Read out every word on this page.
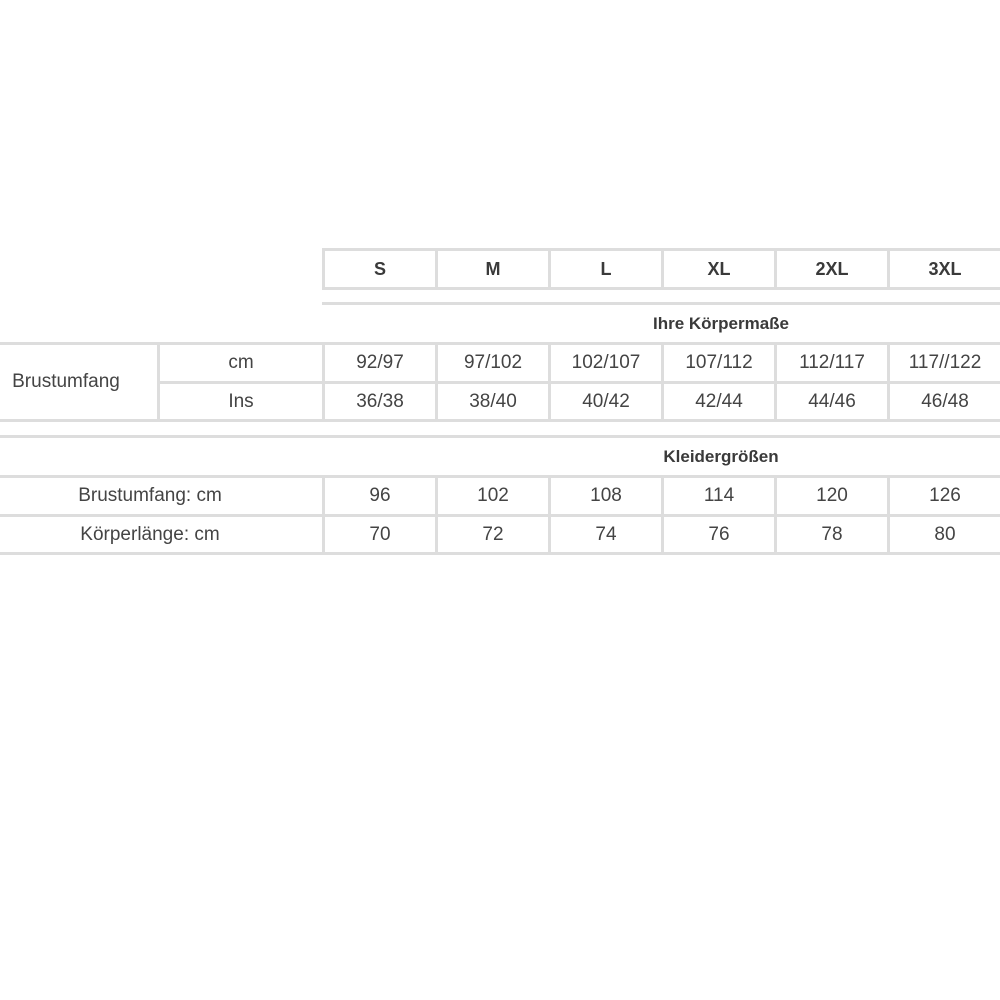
S	M	L	XL	2XL	3XL
Ihre Körpermaße
Brustumfang
cm	92/97	97/102	102/107	107/112	112/117	117//122
Ins	36/38	38/40	40/42	42/44	44/46	46/48
Kleidergrößen
Brustumfang: cm	96	102	108	114	120	126
Körperlänge: cm	70	72	74	76	78	80
